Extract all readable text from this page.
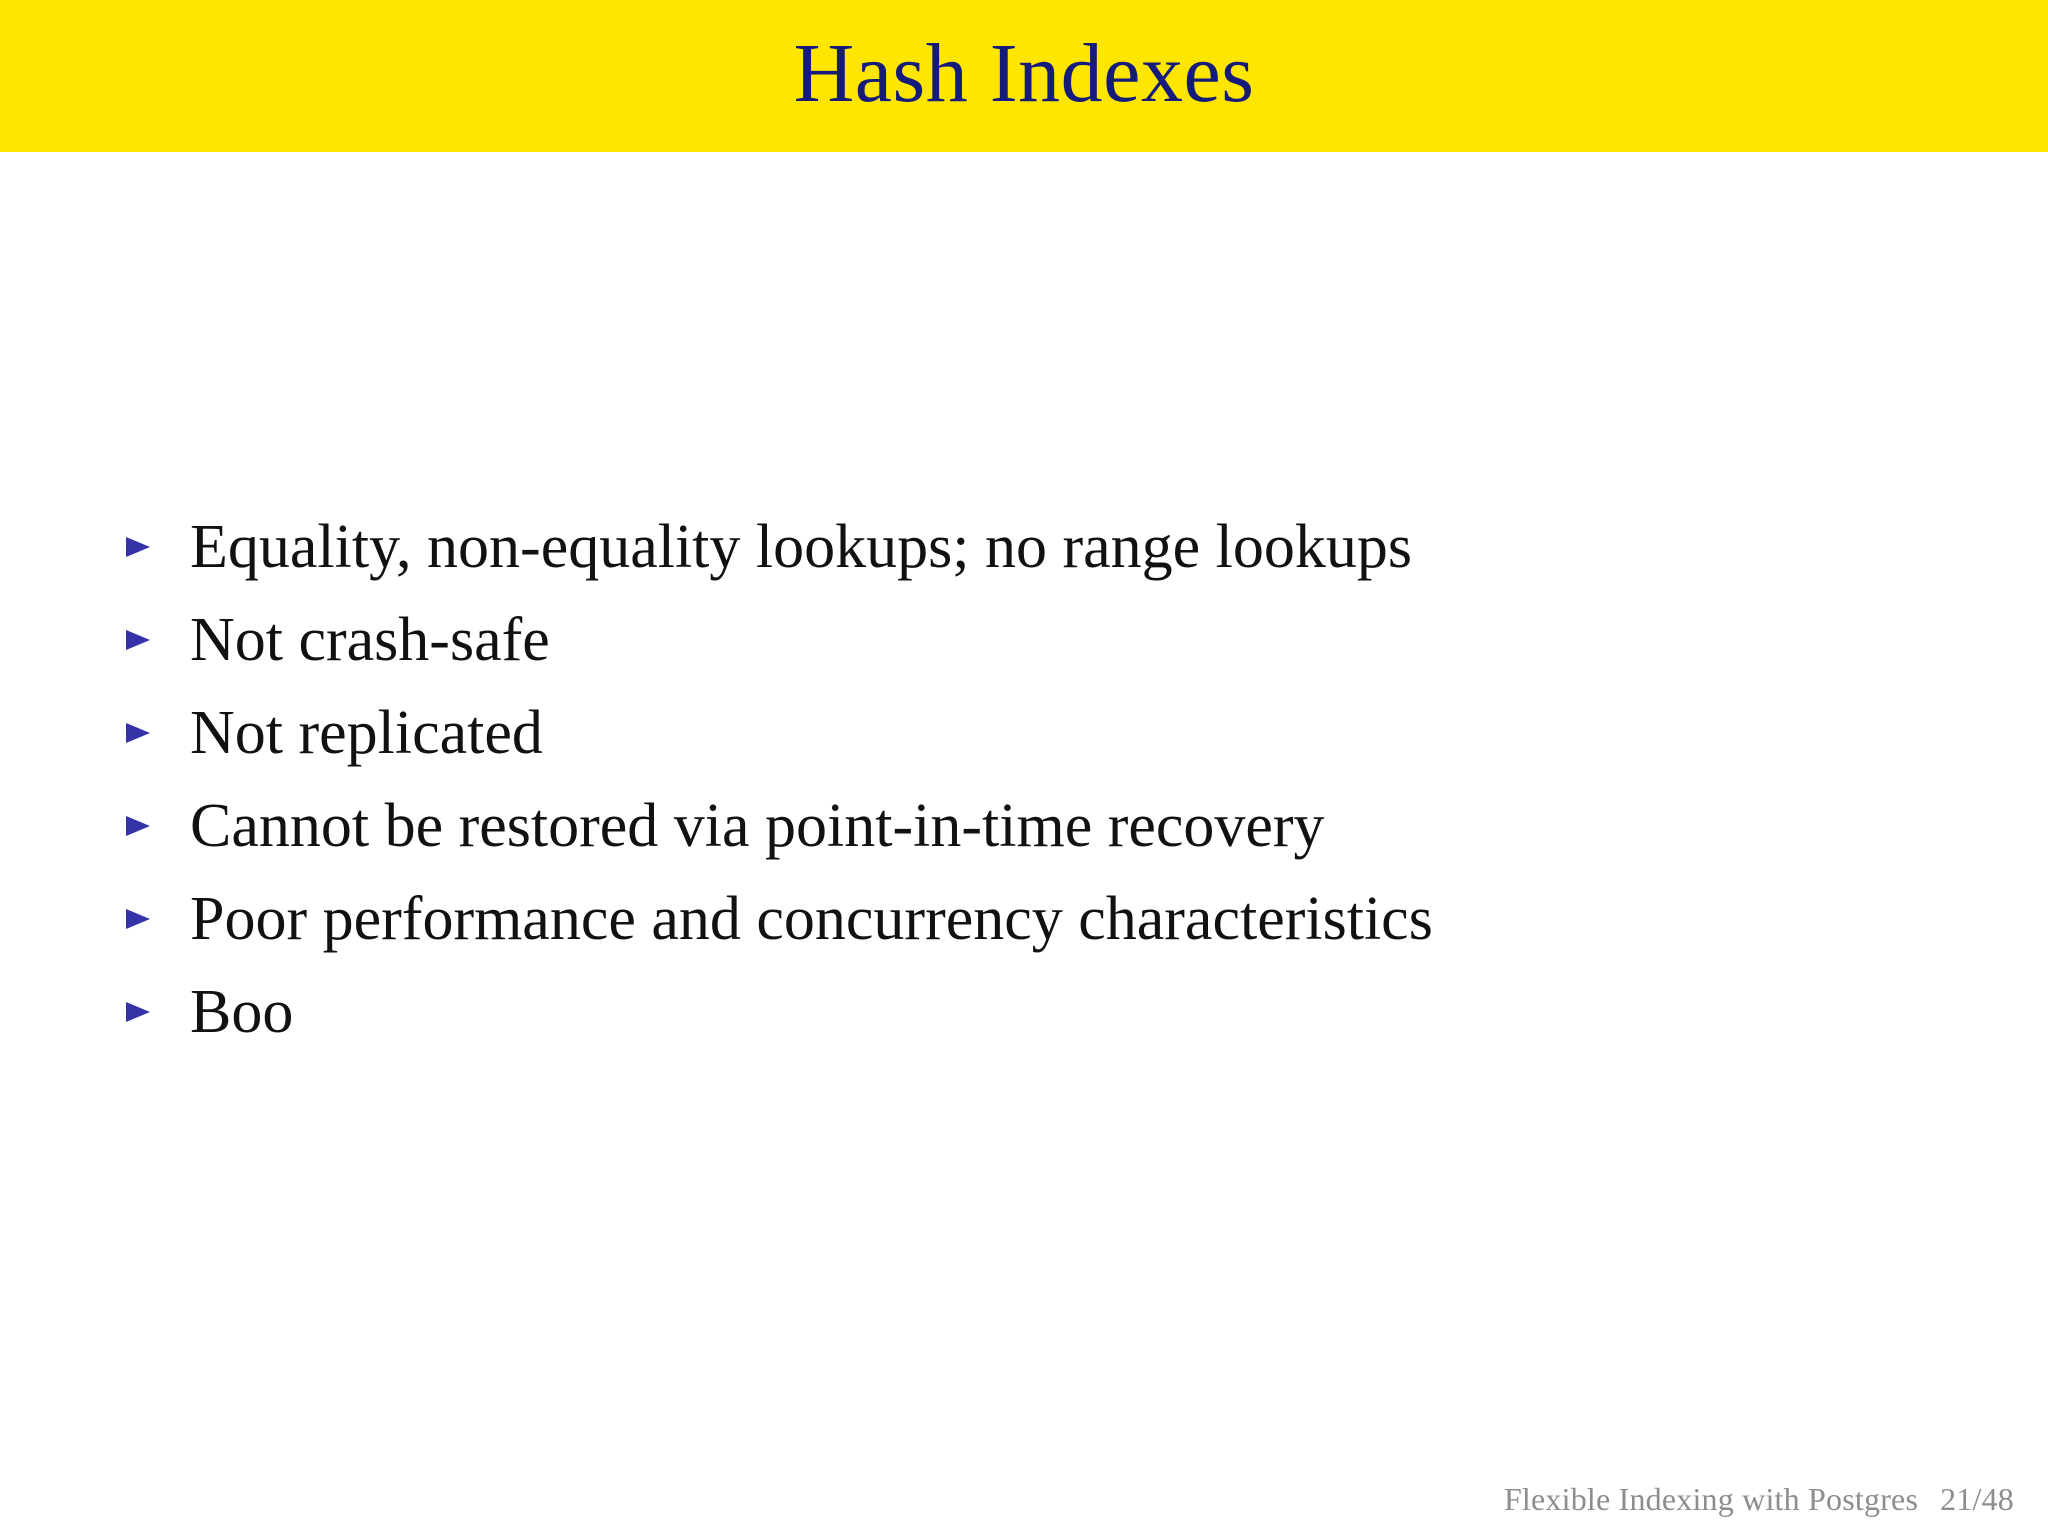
Hash Indexes
Equality, non-equality lookups; no range lookups
Not crash-safe
Not replicated
Cannot be restored via point-in-time recovery
Poor performance and concurrency characteristics
Boo
Flexible Indexing with Postgres 21/48
